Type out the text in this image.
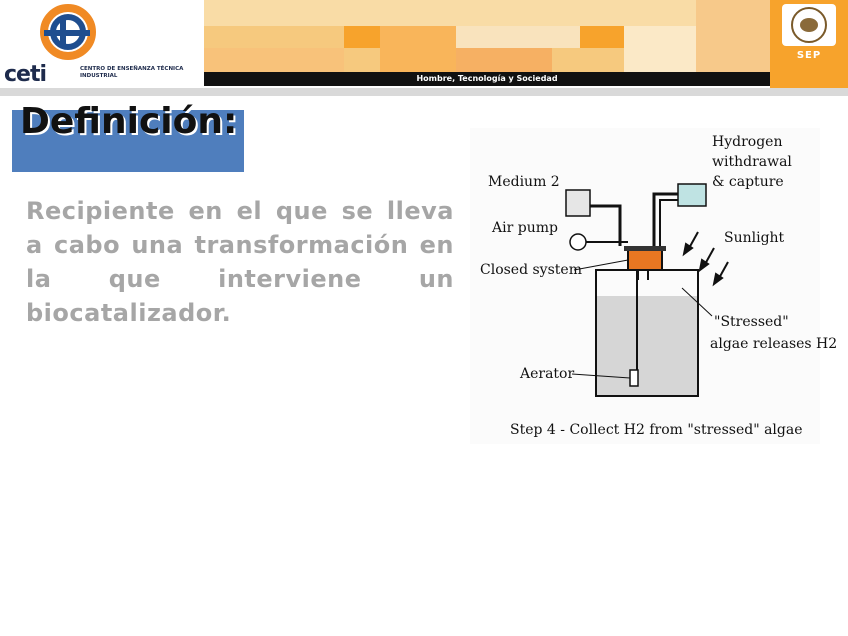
ceti	CENTRO DE ENSEÑANZA TÉCNICA INDUSTRIAL	Hombre, Tecnología y Sociedad
SEP
Definición:
Recipiente en el que se lleva a cabo una transformación en la que interviene un biocatalizador.
Hydrogen
withdrawal
& capture
Medium 2
Air pump
Sunlight
Closed system
"Stressed"
algae releases H2
Aerator
Step 4 - Collect H2 from "stressed" algae
